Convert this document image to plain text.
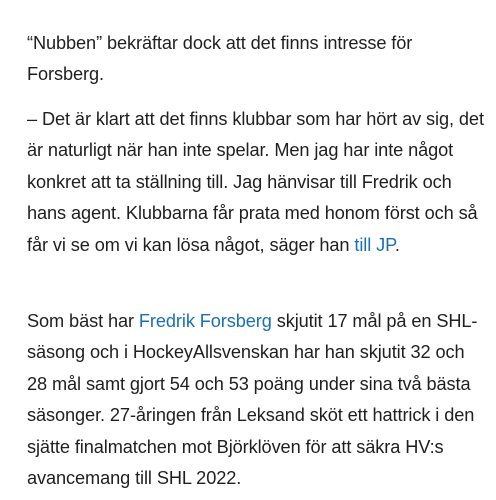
“Nubben” bekräftar dock att det finns intresse för Forsberg.

– Det är klart att det finns klubbar som har hört av sig, det är naturligt när han inte spelar. Men jag har inte något konkret att ta ställning till. Jag hänvisar till Fredrik och hans agent. Klubbarna får prata med honom först och så får vi se om vi kan lösa något, säger han till JP.

Som bäst har Fredrik Forsberg skjutit 17 mål på en SHL-säsong och i HockeyAllsvenskan har han skjutit 32 och 28 mål samt gjort 54 och 53 poäng under sina två bästa säsonger. 27-åringen från Leksand sköt ett hattrick i den sjätte finalmatchen mot Björklöven för att säkra HV:s avancemang till SHL 2022.
